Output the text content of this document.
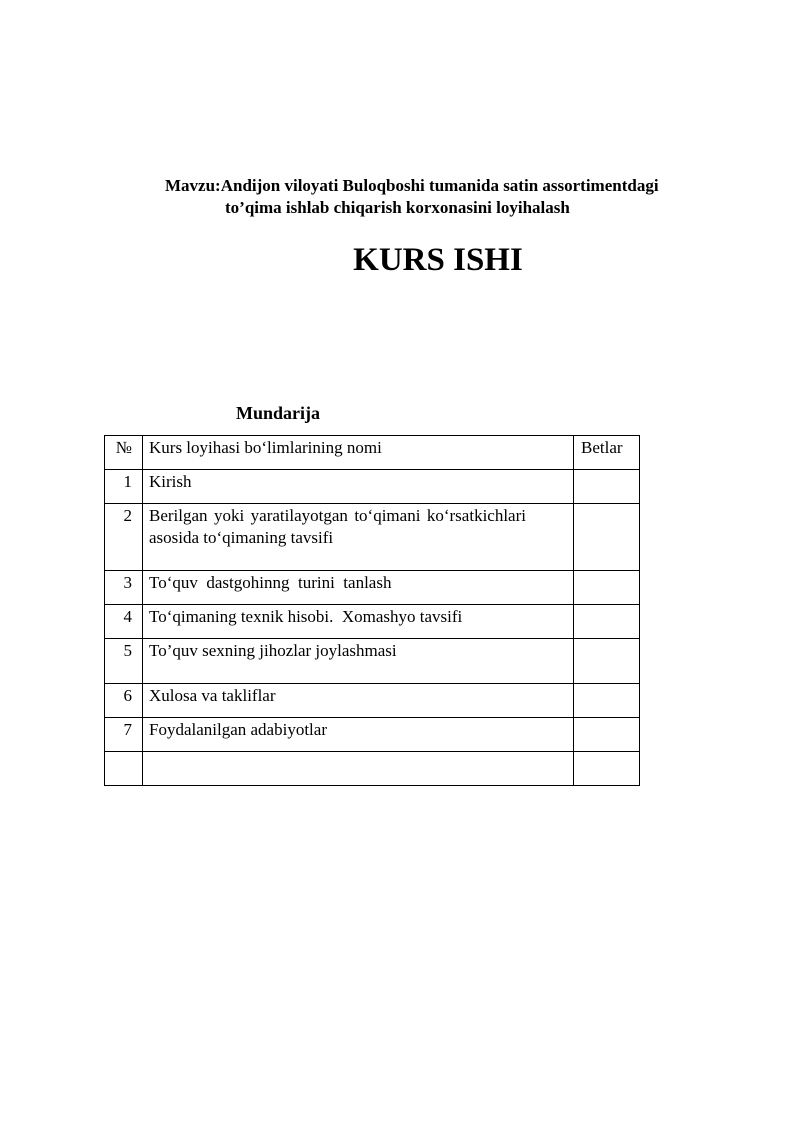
Mavzu:Andijon viloyati Buloqboshi tumanida satin assortimentdagi
to’qima ishlab chiqarish korxonasini loyihalash
KURS ISHI
Mundarija
№	Kurs loyihasi bo‘limlarining nomi	Betlar
1	Kirish	
2	Berilgan yoki yaratilayotgan to‘qimani ko‘rsatkichlari asosida to‘qimaning tavsifi	
3	To‘quv  dastgohinng  turini  tanlash	
4	To‘qimaning texnik hisobi.  Xomashyo tavsifi	
5	To’quv sexning jihozlar joylashmasi	
6	Xulosa va takliflar	
7	Foydalanilgan adabiyotlar	
